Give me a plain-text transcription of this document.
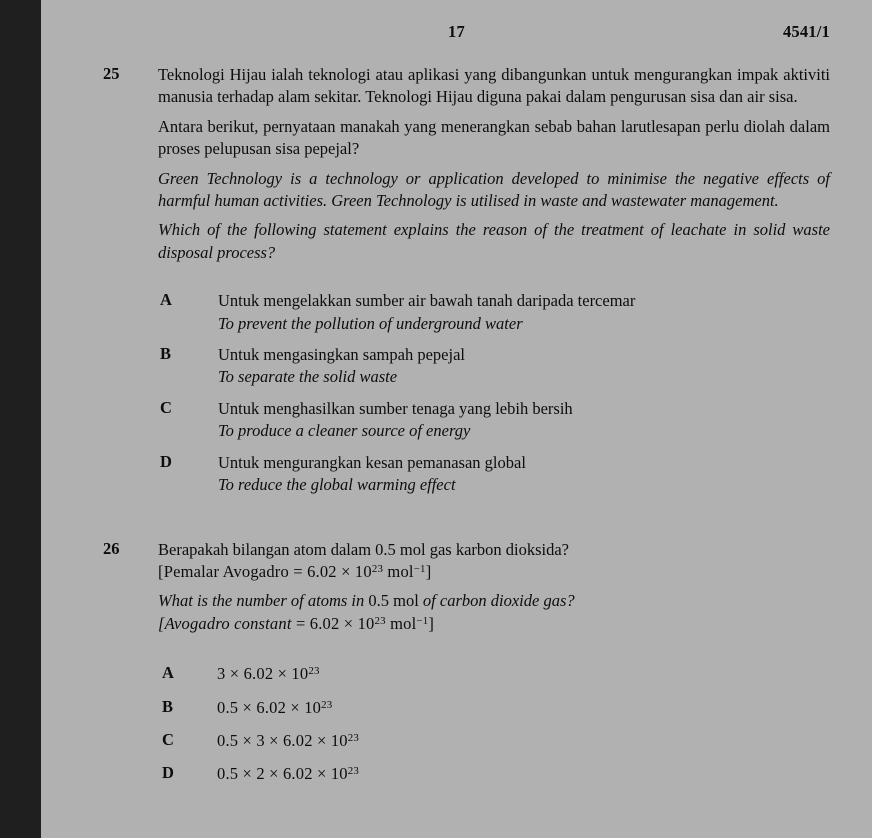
17	4541/1
25	Teknologi Hijau ialah teknologi atau aplikasi yang dibangunkan untuk mengurangkan impak aktiviti manusia terhadap alam sekitar. Teknologi Hijau diguna pakai dalam pengurusan sisa dan air sisa.

Antara berikut, pernyataan manakah yang menerangkan sebab bahan larutlesapan perlu diolah dalam proses pelupusan sisa pepejal?

Green Technology is a technology or application developed to minimise the negative effects of harmful human activities. Green Technology is utilised in waste and wastewater management.

Which of the following statement explains the reason of the treatment of leachate in solid waste disposal process?

A	Untuk mengelakkan sumber air bawah tanah daripada tercemar
To prevent the pollution of underground water
B	Untuk mengasingkan sampah pepejal
To separate the solid waste
C	Untuk menghasilkan sumber tenaga yang lebih bersih
To produce a cleaner source of energy
D	Untuk mengurangkan kesan pemanasan global
To reduce the global warming effect
26	Berapakah bilangan atom dalam 0.5 mol gas karbon dioksida?

[Pemalar Avogadro = $6.02 \times 10^{23}$ mol$^{-1}$]

What is the number of atoms in 0.5 mol of carbon dioxide gas?

[Avogadro constant = $6.02 \times 10^{23}$ mol$^{-1}$]

A	$3 \times 6.02 \times 10^{23}$
B	$0.5 \times 6.02 \times 10^{23}$
C	$0.5 \times 3 \times 6.02 \times 10^{23}$
D	$0.5 \times 2 \times 6.02 \times 10^{23}$
